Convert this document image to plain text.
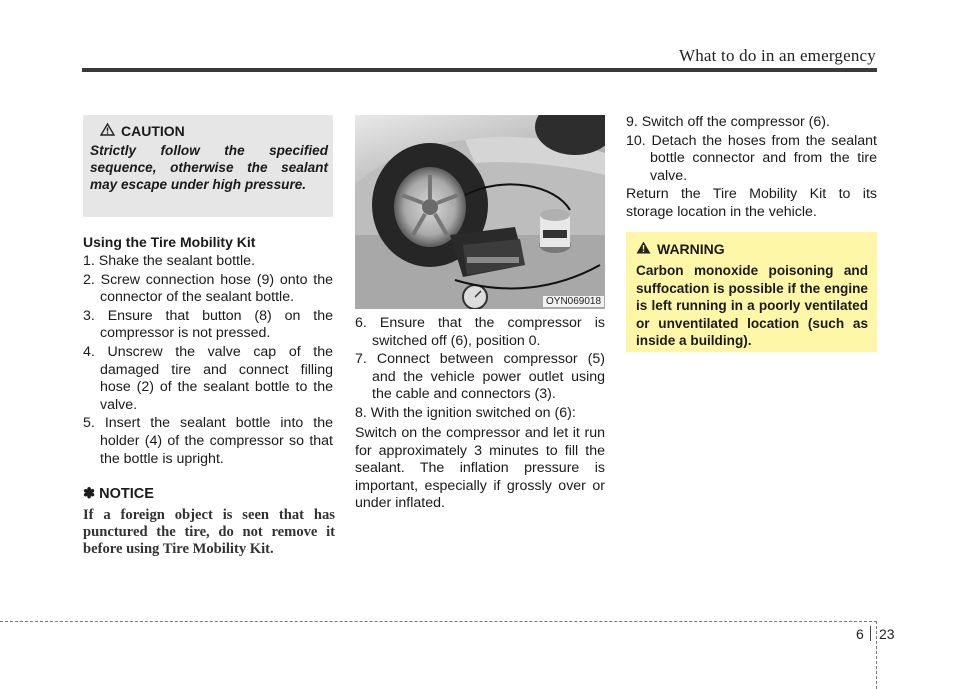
What to do in an emergency
CAUTION
Strictly follow the specified sequence, otherwise the sealant may escape under high pressure.
Using the Tire Mobility Kit
1. Shake the sealant bottle.
2. Screw connection hose (9) onto the connector of the sealant bottle.
3. Ensure that button (8) on the compressor is not pressed.
4. Unscrew the valve cap of the damaged tire and connect filling hose (2) of the sealant bottle to the valve.
5. Insert the sealant bottle into the holder (4) of the compressor so that the bottle is upright.
✽ NOTICE
If a foreign object is seen that has punctured the tire, do not remove it before using Tire Mobility Kit.
OYN069018
6. Ensure that the compressor is switched off (6), position 0.
7. Connect between compressor (5) and the vehicle power outlet using the cable and connectors (3).
8. With the ignition switched on (6):

Switch on the compressor and let it run for approximately 3 minutes to fill the sealant. The inflation pressure is important, especially if grossly over or under inflated.

9. Switch off the compressor (6).
10. Detach the hoses from the sealant bottle connector and from the tire valve.

Return the Tire Mobility Kit to its storage location in the vehicle.

WARNING
Carbon monoxide poisoning and suffocation is possible if the engine is left running in a poorly ventilated or unventilated location (such as inside a building).
6 23
